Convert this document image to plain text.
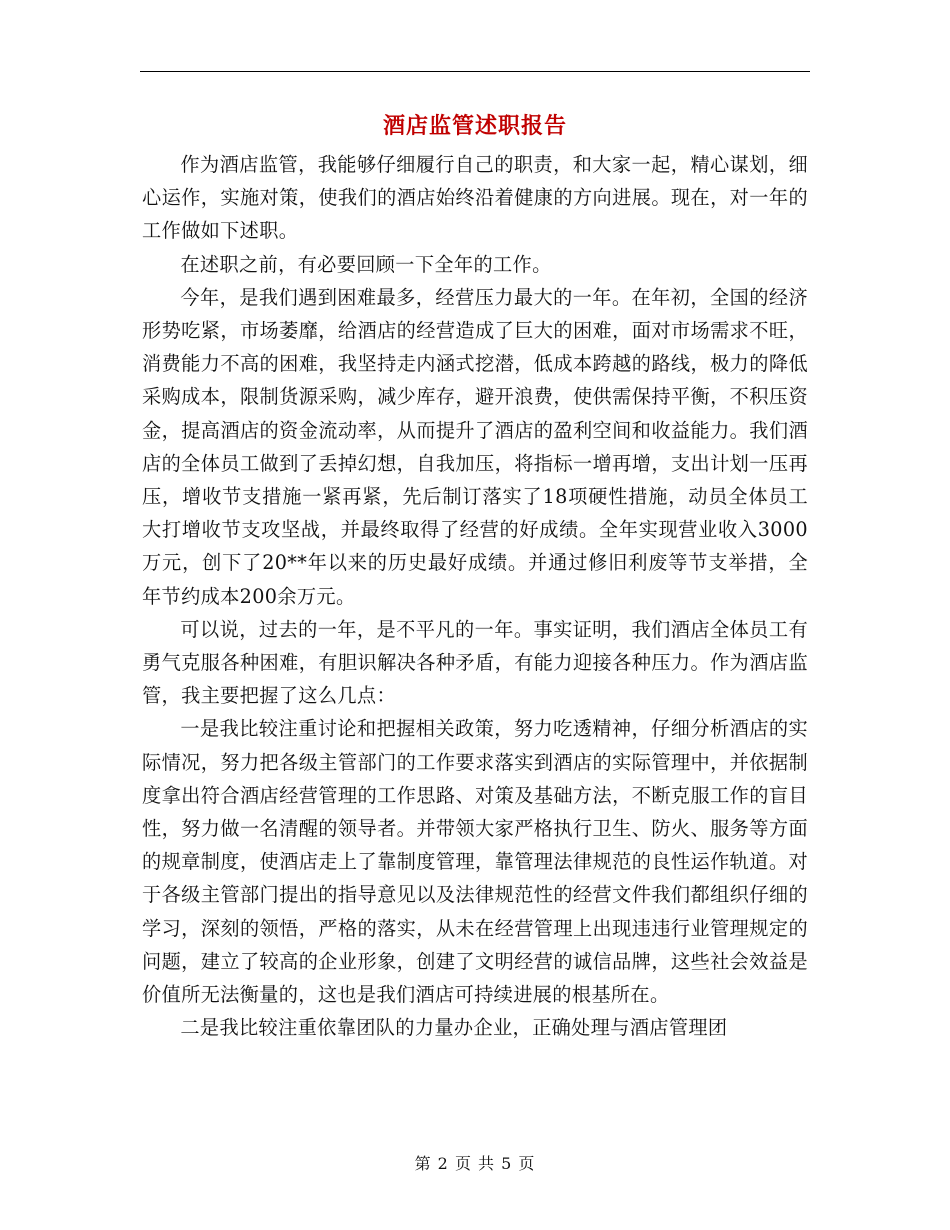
酒店监管述职报告

作为酒店监管，我能够仔细履行自己的职责，和大家一起，精心谋划，细心运作，实施对策，使我们的酒店始终沿着健康的方向进展。现在，对一年的工作做如下述职。

在述职之前，有必要回顾一下全年的工作。

今年，是我们遇到困难最多，经营压力最大的一年。在年初，全国的经济形势吃紧，市场萎靡，给酒店的经营造成了巨大的困难，面对市场需求不旺，消费能力不高的困难，我坚持走内涵式挖潜，低成本跨越的路线，极力的降低采购成本，限制货源采购，减少库存，避开浪费，使供需保持平衡，不积压资金，提高酒店的资金流动率，从而提升了酒店的盈利空间和收益能力。我们酒店的全体员工做到了丢掉幻想，自我加压，将指标一增再增，支出计划一压再压，增收节支措施一紧再紧，先后制订落实了18项硬性措施，动员全体员工大打增收节支攻坚战，并最终取得了经营的好成绩。全年实现营业收入3000万元，创下了20**年以来的历史最好成绩。并通过修旧利废等节支举措，全年节约成本200余万元。

可以说，过去的一年，是不平凡的一年。事实证明，我们酒店全体员工有勇气克服各种困难，有胆识解决各种矛盾，有能力迎接各种压力。作为酒店监管，我主要把握了这么几点：

一是我比较注重讨论和把握相关政策，努力吃透精神，仔细分析酒店的实际情况，努力把各级主管部门的工作要求落实到酒店的实际管理中，并依据制度拿出符合酒店经营管理的工作思路、对策及基础方法，不断克服工作的盲目性，努力做一名清醒的领导者。并带领大家严格执行卫生、防火、服务等方面的规章制度，使酒店走上了靠制度管理，靠管理法律规范的良性运作轨道。对于各级主管部门提出的指导意见以及法律规范性的经营文件我们都组织仔细的学习，深刻的领悟，严格的落实，从未在经营管理上出现违违行业管理规定的问题，建立了较高的企业形象，创建了文明经营的诚信品牌，这些社会效益是价值所无法衡量的，这也是我们酒店可持续进展的根基所在。

二是我比较注重依靠团队的力量办企业，正确处理与酒店管理团

第 2 页 共 5 页
